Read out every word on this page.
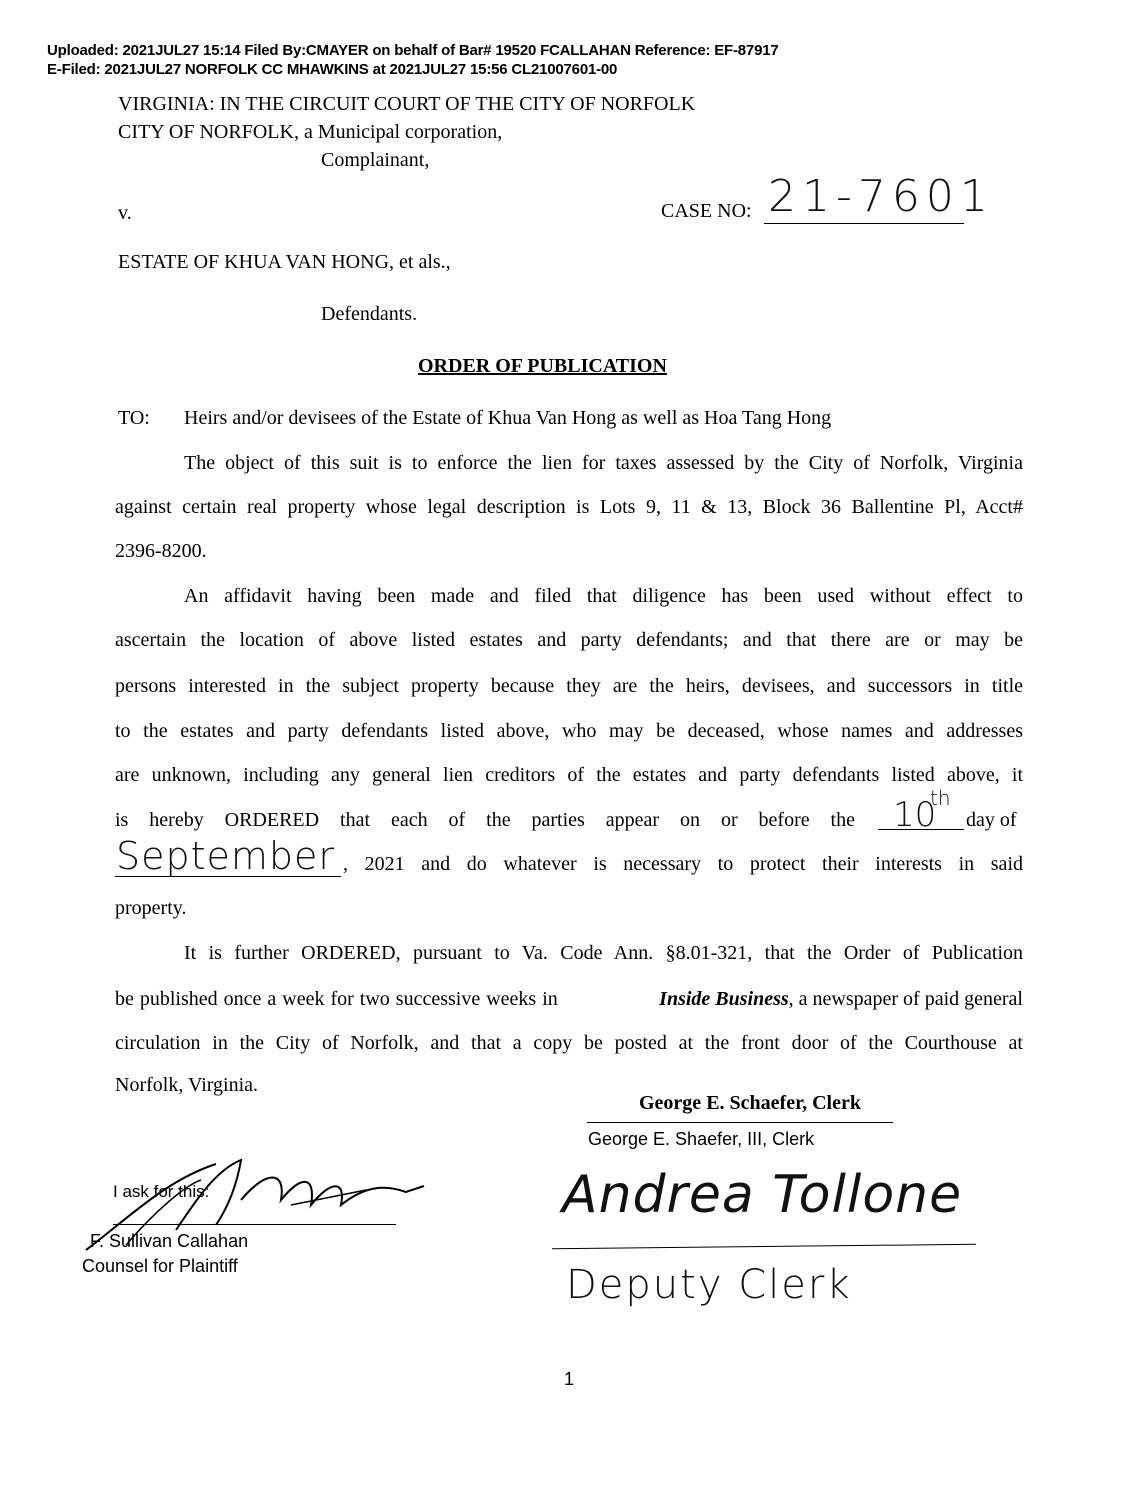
Uploaded: 2021JUL27 15:14 Filed By:CMAYER on behalf of Bar# 19520 FCALLAHAN Reference: EF-87917
E-Filed: 2021JUL27 NORFOLK CC MHAWKINS at 2021JUL27 15:56 CL21007601-00
VIRGINIA: IN THE CIRCUIT COURT OF THE CITY OF NORFOLK
CITY OF NORFOLK, a Municipal corporation,
Complainant,
v.	CASE NO: 21-7601
ESTATE OF KHUA VAN HONG, et als.,
Defendants.
ORDER OF PUBLICATION
TO: Heirs and/or devisees of the Estate of Khua Van Hong as well as Hoa Tang Hong
The object of this suit is to enforce the lien for taxes assessed by the City of Norfolk, Virginia
against certain real property whose legal description is Lots 9, 11 & 13, Block 36 Ballentine Pl, Acct#
2396-8200.
An affidavit having been made and filed that diligence has been used without effect to
ascertain the location of above listed estates and party defendants; and that there are or may be
persons interested in the subject property because they are the heirs, devisees, and successors in title
to the estates and party defendants listed above, who may be deceased, whose names and addresses
are unknown, including any general lien creditors of the estates and party defendants listed above, it
is hereby ORDERED that each of the parties appear on or before the 10
th
day of
September , 2021 and do whatever is necessary to protect their interests in said
property.
It is further ORDERED, pursuant to Va. Code Ann. §8.01-321, that the Order of Publication
be published once a week for two successive weeks in	Inside Business, a newspaper of paid general
circulation in the City of Norfolk, and that a copy be posted at the front door of the Courthouse at
Norfolk, Virginia.
George E. Schaefer, Clerk
George E. Shaefer, III, Clerk
Andrea Tollone
Deputy Clerk
I ask for this:
F. Sullivan Callahan
Counsel for Plaintiff
1
